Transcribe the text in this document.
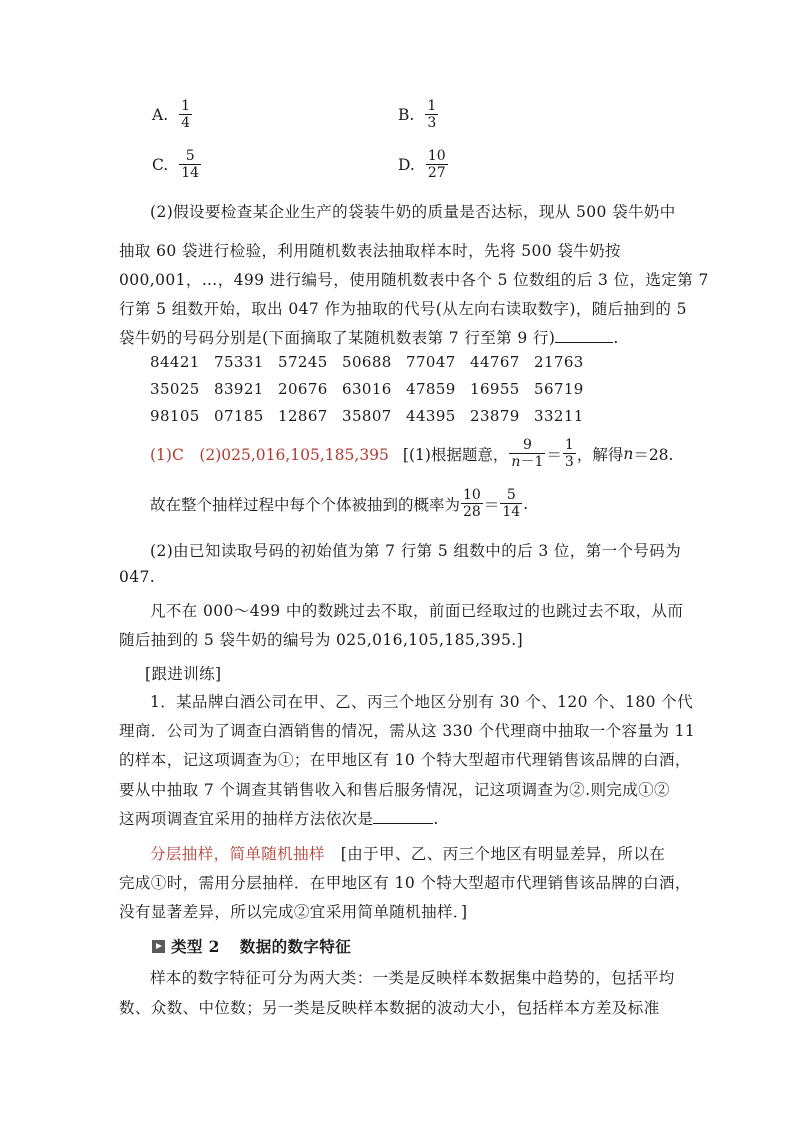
A. $\frac{1}{4}$	B. $\frac{1}{3}$
C. $\frac{5}{14}$	D. $\frac{10}{27}$
(2)假设要检查某企业生产的袋装牛奶的质量是否达标，现从 500 袋牛奶中
抽取 60 袋进行检验，利用随机数表法抽取样本时，先将 500 袋牛奶按
000,001，…，499 进行编号，使用随机数表中各个 5 位数组的后 3 位，选定第 7
行第 5 组数开始，取出 047 作为抽取的代号(从左向右读取数字)，随后抽到的 5
袋牛奶的号码分别是(下面摘取了某随机数表第 7 行至第 9 行)	.
84421 75331 57245 50688 77047 44767 21763
35025 83921 20676 63016 47859 16955 56719
98105 07185 12867 35807 44395 23879 33211
(1)C　(2)025,016,105,185,395 [(1)根据题意， $\frac{9}{n-1} = \frac{1}{3}$ ，解得 n ＝28.
故在整个抽样过程中每个个体被抽到的概率为 $\frac{10}{28} = \frac{5}{14}$ .
(2)由已知读取号码的初始值为第 7 行第 5 组数中的后 3 位，第一个号码为
047.
凡不在 000～499 中的数跳过去不取，前面已经取过的也跳过去不取，从而
随后抽到的 5 袋牛奶的编号为 025,016,105,185,395.]
[跟进训练]
1．某品牌白酒公司在甲、乙、丙三个地区分别有 30 个、120 个、180 个代
理商．公司为了调查白酒销售的情况，需从这 330 个代理商中抽取一个容量为 11
的样本，记这项调查为①；在甲地区有 10 个特大型超市代理销售该品牌的白酒，
要从中抽取 7 个调查其销售收入和售后服务情况，记这项调查为②.则完成①②
这两项调查宜采用的抽样方法依次是	.
分层抽样，简单随机抽样　[由于甲、乙、丙三个地区有明显差异，所以在
完成①时，需用分层抽样．在甲地区有 10 个特大型超市代理销售该品牌的白酒，
没有显著差异，所以完成②宜采用简单随机抽样．]
类型 2 数据的数字特征
样本的数字特征可分为两大类：一类是反映样本数据集中趋势的，包括平均
数、众数、中位数；另一类是反映样本数据的波动大小，包括样本方差及标准
